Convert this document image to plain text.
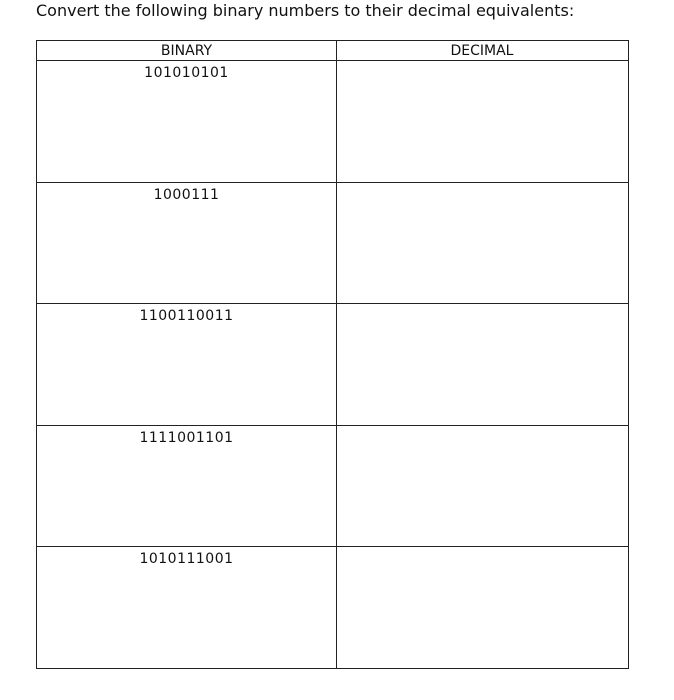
Convert the following binary numbers to their decimal equivalents:
BINARY	DECIMAL
101010101
1000111
1100110011
1111001101
1010111001
